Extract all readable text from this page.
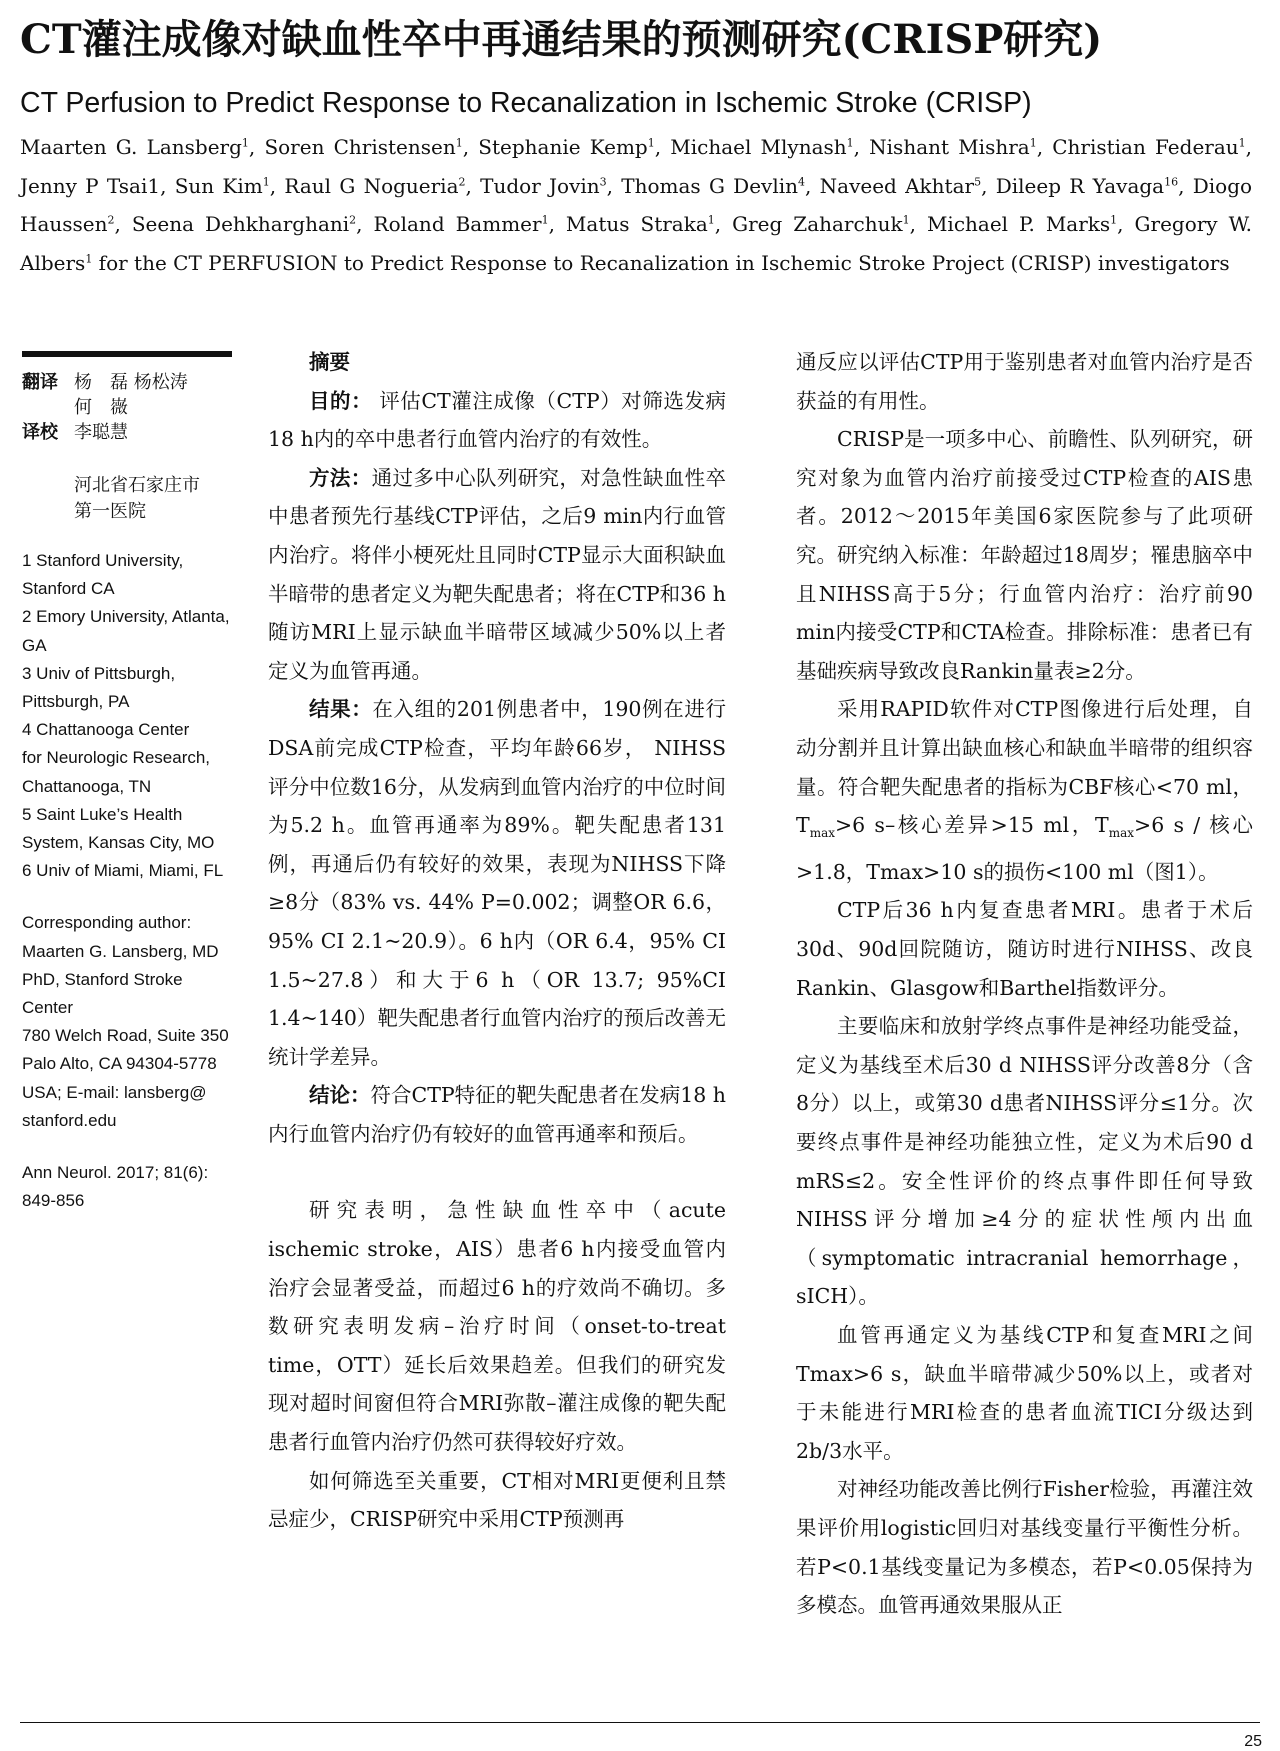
CT灌注成像对缺血性卒中再通结果的预测研究(CRISP研究)
CT Perfusion to Predict Response to Recanalization in Ischemic Stroke (CRISP)
Maarten G. Lansberg$^1$, Soren Christensen$^1$, Stephanie Kemp$^1$, Michael Mlynash$^1$, Nishant Mishra$^1$, Christian Federau$^1$, Jenny P Tsai1, Sun Kim$^1$, Raul G Nogueria$^2$, Tudor Jovin$^3$, Thomas G Devlin$^4$, Naveed Akhtar$^5$, Dileep R Yavaga$^{16}$, Diogo Haussen$^2$, Seena Dehkharghani$^2$, Roland Bammer$^1$, Matus Straka$^1$, Greg Zaharchuk$^1$, Michael P. Marks$^1$, Gregory W. Albers$^1$ for the CT PERFUSION to Predict Response to Recanalization in Ischemic Stroke Project (CRISP) investigators
翻译 杨　磊 杨松涛
何　嶶
译校 李聪慧
河北省石家庄市
第一医院
1 Stanford University,
Stanford CA
2 Emory University, Atlanta,
GA
3 Univ of Pittsburgh,
Pittsburgh, PA
4 Chattanooga Center
for Neurologic Research,
Chattanooga, TN
5 Saint Luke’s Health
System, Kansas City, MO
6 Univ of Miami, Miami, FL
Corresponding author:
Maarten G. Lansberg, MD
PhD, Stanford Stroke Center
780 Welch Road, Suite 350
Palo Alto, CA 94304-5778
USA; E-mail: lansberg@
stanford.edu
Ann Neurol. 2017; 81(6):
849-856
摘要

目的： 评估CT灌注成像（CTP）对筛选发病18 h内的卒中患者行血管内治疗的有效性。

方法：通过多中心队列研究，对急性缺血性卒中患者预先行基线CTP评估，之后9 min内行血管内治疗。将伴小梗死灶且同时CTP显示大面积缺血半暗带的患者定义为靶失配患者；将在CTP和36 h随访MRI上显示缺血半暗带区域减少50%以上者定义为血管再通。

结果：在入组的201例患者中，190例在进行DSA前完成CTP检查，平均年龄66岁， NIHSS评分中位数16分，从发病到血管内治疗的中位时间为5.2 h。血管再通率为89%。靶失配患者131例，再通后仍有较好的效果，表现为NIHSS下降≥8分（83% vs. 44% P=0.002；调整OR 6.6，95% CI 2.1~20.9）。6 h内（OR 6.4，95% CI 1.5~27.8）和大于6 h（OR 13.7; 95%CI 1.4~140）靶失配患者行血管内治疗的预后改善无统计学差异。

结论：符合CTP特征的靶失配患者在发病18 h内行血管内治疗仍有较好的血管再通率和预后。

研究表明，急性缺血性卒中（acute ischemic stroke，AIS）患者6 h内接受血管内治疗会显著受益，而超过6 h的疗效尚不确切。多数研究表明发病–治疗时间（onset-to-treat time，OTT）延长后效果趋差。但我们的研究发现对超时间窗但符合MRI弥散–灌注成像的靶失配患者行血管内治疗仍然可获得较好疗效。

如何筛选至关重要，CT相对MRI更便利且禁忌症少，CRISP研究中采用CTP预测再

通反应以评估CTP用于鉴别患者对血管内治疗是否获益的有用性。

CRISP是一项多中心、前瞻性、队列研究，研究对象为血管内治疗前接受过CTP检查的AIS患者。2012～2015年美国6家医院参与了此项研究。研究纳入标准：年龄超过18周岁；罹患脑卒中且NIHSS高于5分；行血管内治疗：治疗前90 min内接受CTP和CTA检查。排除标准：患者已有基础疾病导致改良Rankin量表≥2分。

采用RAPID软件对CTP图像进行后处理，自动分割并且计算出缺血核心和缺血半暗带的组织容量。符合靶失配患者的指标为CBF核心<70 ml，$T_{max}>6$ s–核心差异>15 ml，$T_{max}>6$ s / 核心>1.8，Tmax>10 s的损伤<100 ml（图1）。

CTP后36 h内复查患者MRI。患者于术后30d、90d回院随访，随访时进行NIHSS、改良Rankin、Glasgow和Barthel指数评分。

主要临床和放射学终点事件是神经功能受益，定义为基线至术后30 d NIHSS评分改善8分（含8分）以上，或第30 d患者NIHSS评分≤1分。次要终点事件是神经功能独立性，定义为术后90 d mRS≤2。安全性评价的终点事件即任何导致NIHSS评分增加≥4分的症状性颅内出血（symptomatic intracranial hemorrhage，sICH）。

血管再通定义为基线CTP和复查MRI之间Tmax>6 s，缺血半暗带减少50%以上，或者对于未能进行MRI检查的患者血流TICI分级达到2b/3水平。

对神经功能改善比例行Fisher检验，再灌注效果评价用logistic回归对基线变量行平衡性分析。若P<0.1基线变量记为多模态，若P<0.05保持为多模态。血管再通效果服从正

25
